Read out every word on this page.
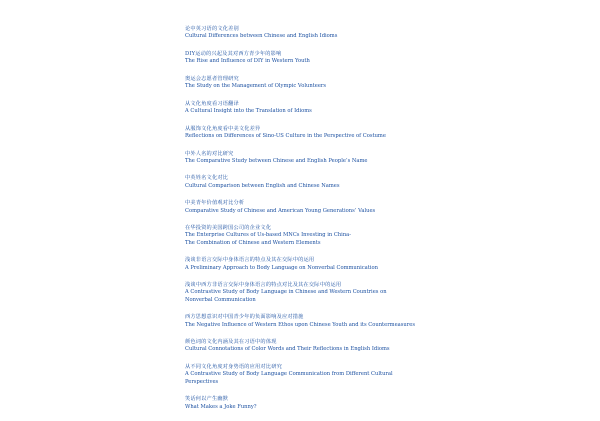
论中英习语的文化差别
Cultural Differences between Chinese and English Idioms
DIY运动的兴起及其对西方青少年的影响
The Rise and Influence of DIY in Western Youth
奥运会志愿者管理研究
The Study on the Management of Olympic Volunteers
从文化角度看习语翻译
A Cultural Insight into the Translation of Idioms
从服饰文化角度看中美文化差异
Reflections on Differences of Sino-US Culture in the Perspective of Costume
中外人名的对比研究
The Comparative Study between Chinese and English People’s Name
中英姓名文化对比
Cultural Comparison between English and Chinese Names
中美青年价值观对比分析
Comparative Study of Chinese and American Young Generations’ Values
在华投资的美国跨国公司的企业文化
The Enterprise Cultures of Us-based MNCs Investing in China-
The Combination of Chinese and Western Elements
浅谈非语言交际中身体语言的特点及其在交际中的运用
A Preliminary Approach to Body Language on Nonverbal Communication
浅谈中西方非语言交际中身体语言的特点对比及其在交际中的运用
A Contrastive Study of Body Language in Chinese and Western Countries on Nonverbal Communication
西方思想意识对中国青少年的负面影响及应对措施
The Negative Influence of Western Ethos upon Chinese Youth and its Countermeasures
颜色词的文化内涵及其在习语中的体现
Cultural Connotations of Color Words and Their Reflections in English Idioms
从不同文化角度对身势语的应用对比研究
A Contrastive Study of Body Language Communication from Different Cultural Perspectives
笑话何以产生幽默
What Makes a Joke Funny?
